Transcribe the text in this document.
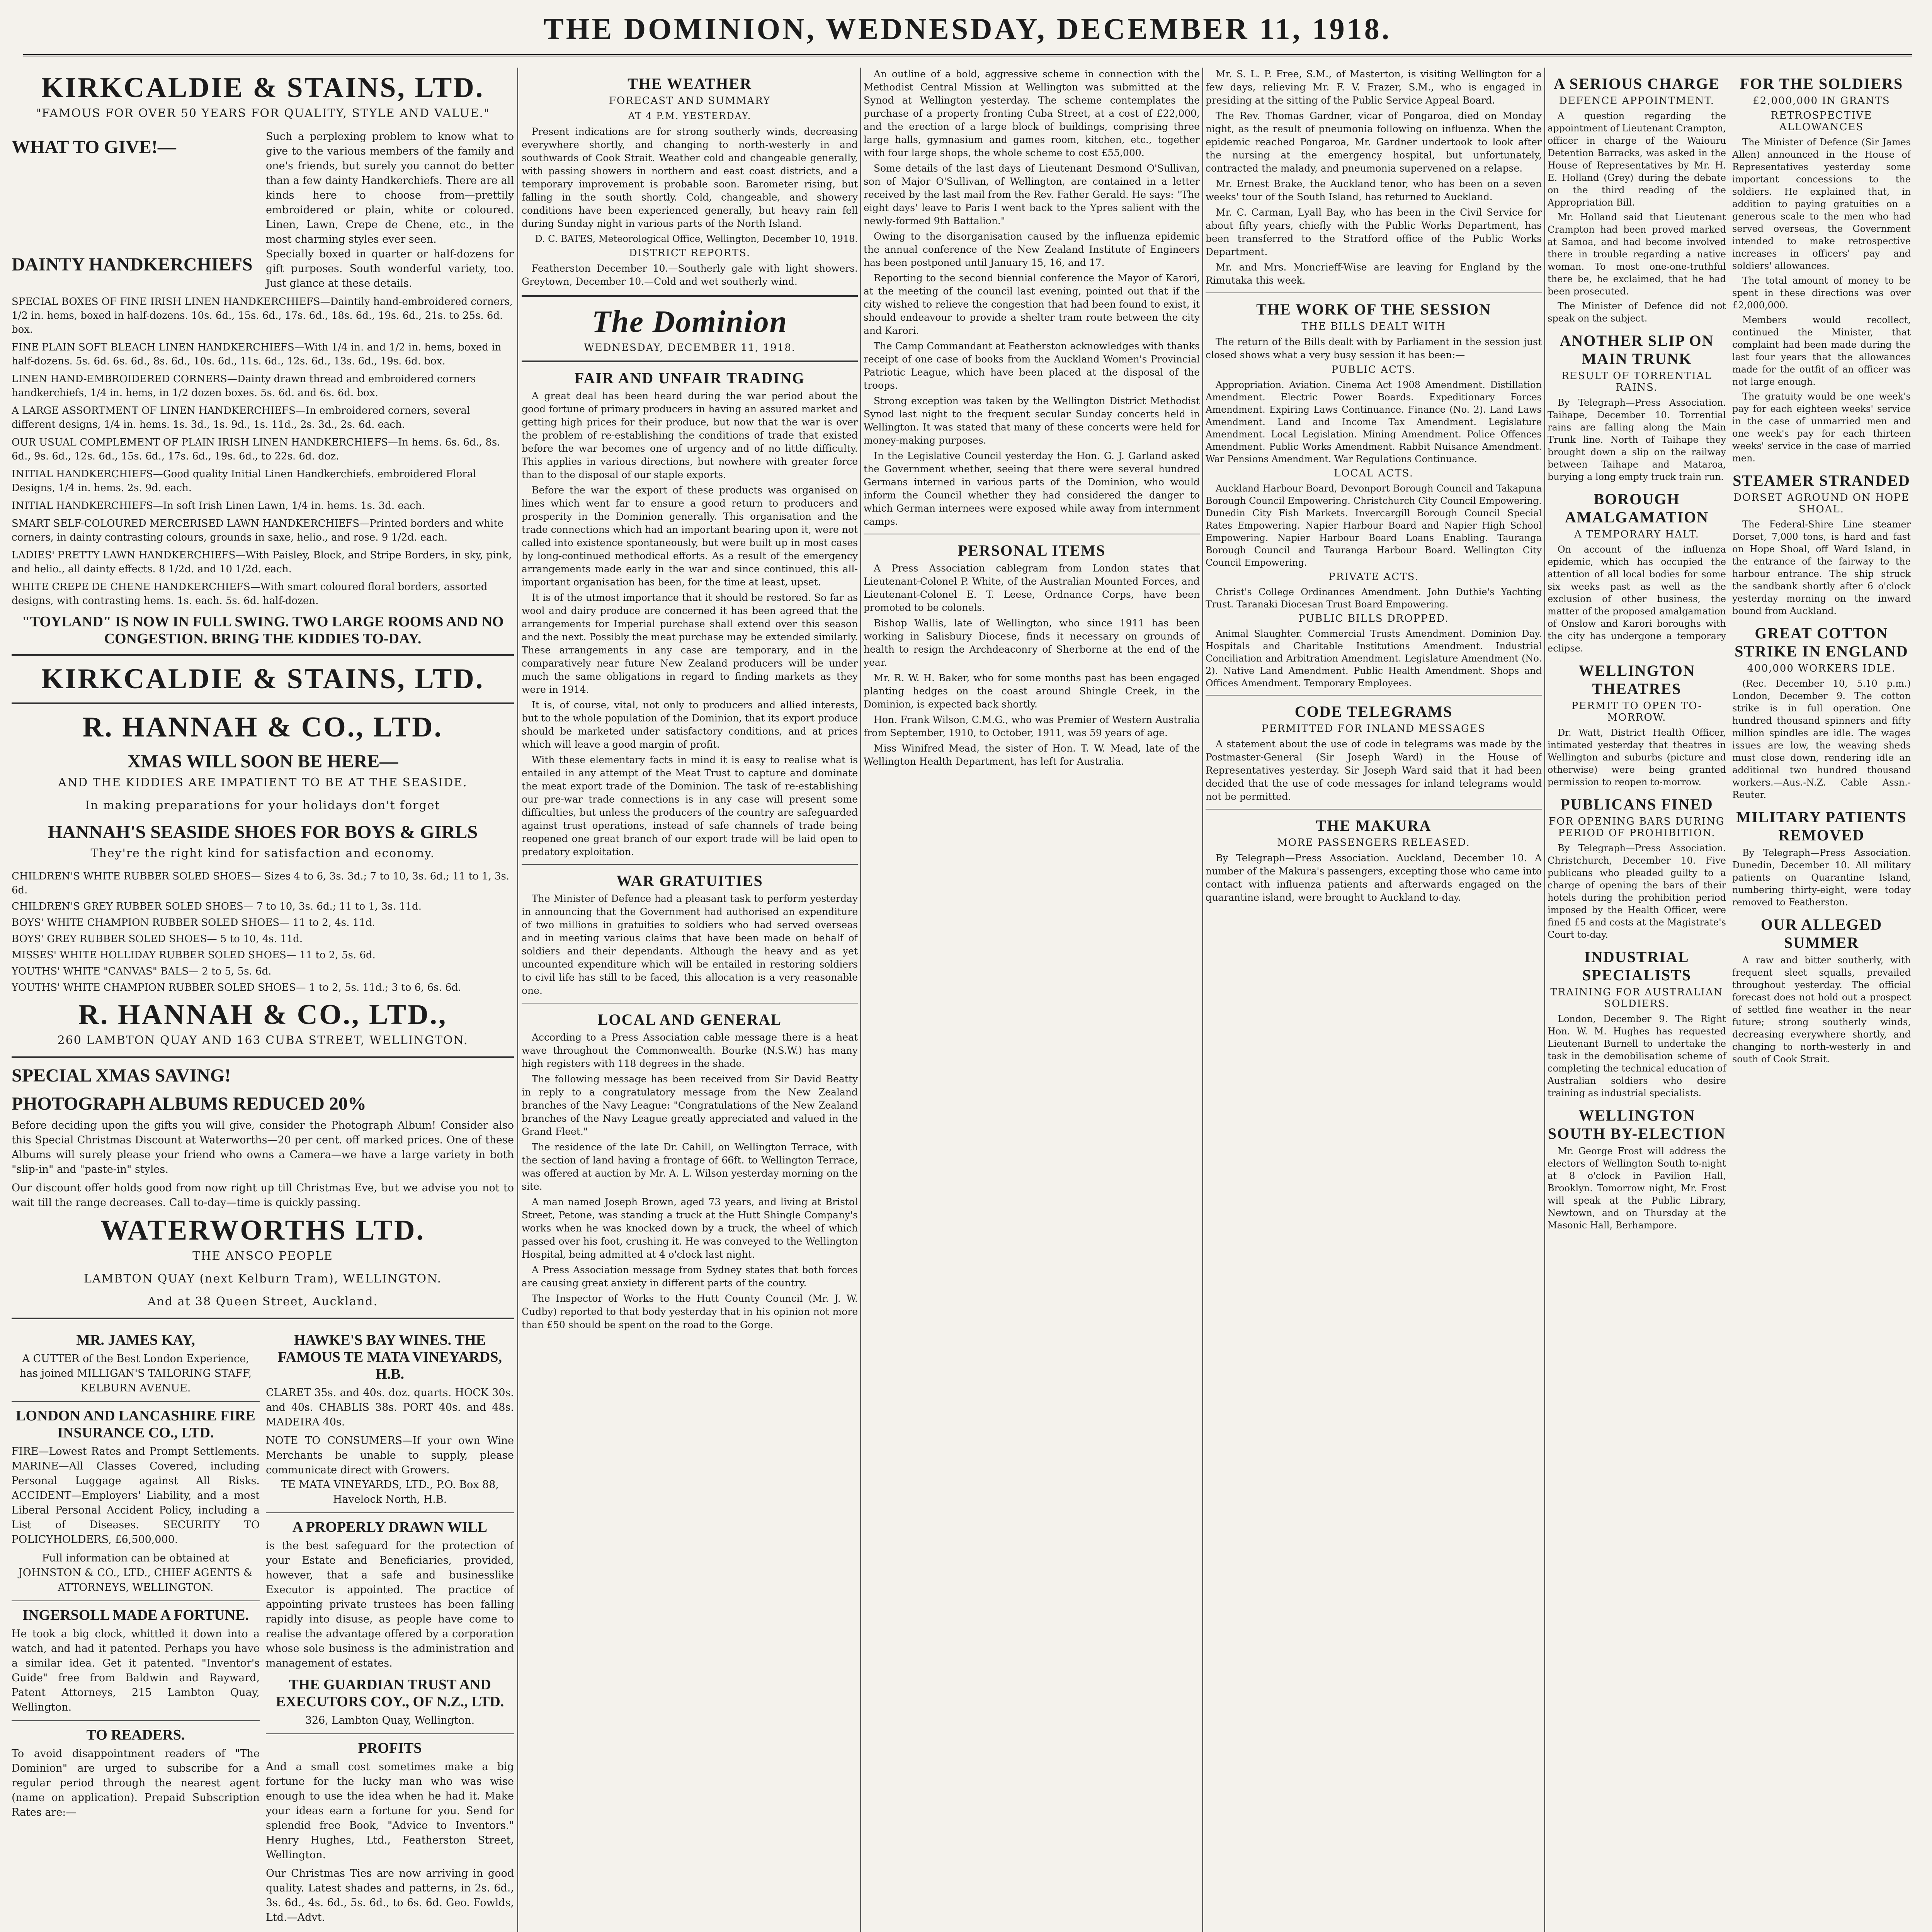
THE DOMINION, WEDNESDAY, DECEMBER 11, 1918.
KIRKCALDIE & STAINS, LTD.
"FAMOUS FOR OVER 50 YEARS FOR QUALITY, STYLE AND VALUE."
WHAT TO GIVE!—
Such a perplexing problem to know what to give to the various members of the family and one's friends, but surely you cannot do better than a few dainty Handkerchiefs. There are all kinds here to choose from—prettily embroidered or plain, white or coloured. Linen, Lawn, Crepe de Chene, etc., in the most charming styles ever seen.
DAINTY HANDKERCHIEFS
Specially boxed in quarter or half-dozens for gift purposes. South wonderful variety, too. Just glance at these details.
SPECIAL BOXES OF FINE IRISH LINEN HANDKERCHIEFS—Daintily hand-embroidered corners, 1/2 in. hems, boxed in half-dozens. 10s. 6d., 15s. 6d., 17s. 6d., 18s. 6d., 19s. 6d., 21s. to 25s. 6d. box.
FINE PLAIN SOFT BLEACH LINEN HANDKERCHIEFS—With 1/4 in. and 1/2 in. hems, boxed in half-dozens. 5s. 6d. 6s. 6d., 8s. 6d., 10s. 6d., 11s. 6d., 12s. 6d., 13s. 6d., 19s. 6d. box.
LINEN HAND-EMBROIDERED CORNERS—Dainty drawn thread and embroidered corners handkerchiefs, 1/4 in. hems, in 1/2 dozen boxes. 5s. 6d. and 6s. 6d. box.
A LARGE ASSORTMENT OF LINEN HANDKERCHIEFS—In embroidered corners, several different designs, 1/4 in. hems. 1s. 3d., 1s. 9d., 1s. 11d., 2s. 3d., 2s. 6d. each.
OUR USUAL COMPLEMENT OF PLAIN IRISH LINEN HANDKERCHIEFS—In hems. 6s. 6d., 8s. 6d., 9s. 6d., 12s. 6d., 15s. 6d., 17s. 6d., 19s. 6d., to 22s. 6d. doz.
INITIAL HANDKERCHIEFS—Good quality Initial Linen Handkerchiefs. embroidered Floral Designs, 1/4 in. hems. 2s. 9d. each.
INITIAL HANDKERCHIEFS—In soft Irish Linen Lawn, 1/4 in. hems. 1s. 3d. each.
SMART SELF-COLOURED MERCERISED LAWN HANDKERCHIEFS—Printed borders and white corners, in dainty contrasting colours, grounds in saxe, helio., and rose. 9 1/2d. each.
LADIES' PRETTY LAWN HANDKERCHIEFS—With Paisley, Block, and Stripe Borders, in sky, pink, and helio., all dainty effects. 8 1/2d. and 10 1/2d. each.
WHITE CREPE DE CHENE HANDKERCHIEFS—With smart coloured floral borders, assorted designs, with contrasting hems. 1s. each. 5s. 6d. half-dozen.
"TOYLAND" IS NOW IN FULL SWING. TWO LARGE ROOMS AND NO CONGESTION. BRING THE KIDDIES TO-DAY.
KIRKCALDIE & STAINS, LTD.
R. HANNAH & CO., LTD.
XMAS WILL SOON BE HERE—
AND THE KIDDIES ARE IMPATIENT TO BE AT THE SEASIDE.
In making preparations for your holidays don't forget
HANNAH'S SEASIDE SHOES FOR BOYS & GIRLS
They're the right kind for satisfaction and economy.
CHILDREN'S WHITE RUBBER SOLED SHOES— Sizes 4 to 6, 3s. 3d.; 7 to 10, 3s. 6d.; 11 to 1, 3s. 6d.
CHILDREN'S GREY RUBBER SOLED SHOES— 7 to 10, 3s. 6d.; 11 to 1, 3s. 11d.
BOYS' WHITE CHAMPION RUBBER SOLED SHOES— 11 to 2, 4s. 11d.
BOYS' GREY RUBBER SOLED SHOES— 5 to 10, 4s. 11d.
MISSES' WHITE HOLLIDAY RUBBER SOLED SHOES— 11 to 2, 5s. 6d.
YOUTHS' WHITE "CANVAS" BALS— 2 to 5, 5s. 6d.
YOUTHS' WHITE CHAMPION RUBBER SOLED SHOES— 1 to 2, 5s. 11d.; 3 to 6, 6s. 6d.
R. HANNAH & CO., LTD.,
260 LAMBTON QUAY AND 163 CUBA STREET, WELLINGTON.
SPECIAL XMAS SAVING!
PHOTOGRAPH ALBUMS REDUCED 20%
Before deciding upon the gifts you will give, consider the Photograph Album! Consider also this Special Christmas Discount at Waterworths—20 per cent. off marked prices. One of these Albums will surely please your friend who owns a Camera—we have a large variety in both "slip-in" and "paste-in" styles.
Our discount offer holds good from now right up till Christmas Eve, but we advise you not to wait till the range decreases. Call to-day—time is quickly passing.
WATERWORTHS LTD.
THE ANSCO PEOPLE
LAMBTON QUAY (next Kelburn Tram), WELLINGTON.
And at 38 Queen Street, Auckland.
MR. JAMES KAY,
A CUTTER of the Best London Experience, has joined MILLIGAN'S TAILORING STAFF, KELBURN AVENUE.
LONDON AND LANCASHIRE FIRE INSURANCE CO., LTD.
FIRE—Lowest Rates and Prompt Settlements. MARINE—All Classes Covered, including Personal Luggage against All Risks. ACCIDENT—Employers' Liability, and a most Liberal Personal Accident Policy, including a List of Diseases. SECURITY TO POLICYHOLDERS, £6,500,000.
Full information can be obtained at JOHNSTON & CO., LTD., CHIEF AGENTS & ATTORNEYS, WELLINGTON.
INGERSOLL MADE A FORTUNE.
He took a big clock, whittled it down into a watch, and had it patented. Perhaps you have a similar idea. Get it patented. "Inventor's Guide" free from Baldwin and Rayward, Patent Attorneys, 215 Lambton Quay, Wellington.
TO READERS.
To avoid disappointment readers of "The Dominion" are urged to subscribe for a regular period through the nearest agent (name on application). Prepaid Subscription Rates are:—
HAWKE'S BAY WINES. THE FAMOUS TE MATA VINEYARDS, H.B.
CLARET 35s. and 40s. doz. quarts. HOCK 30s. and 40s. CHABLIS 38s. PORT 40s. and 48s. MADEIRA 40s.
NOTE TO CONSUMERS—If your own Wine Merchants be unable to supply, please communicate direct with Growers.
TE MATA VINEYARDS, LTD., P.O. Box 88, Havelock North, H.B.
A PROPERLY DRAWN WILL
is the best safeguard for the protection of your Estate and Beneficiaries, provided, however, that a safe and businesslike Executor is appointed. The practice of appointing private trustees has been falling rapidly into disuse, as people have come to realise the advantage offered by a corporation whose sole business is the administration and management of estates.
THE GUARDIAN TRUST AND EXECUTORS COY., OF N.Z., LTD.
326, Lambton Quay, Wellington.
PROFITS
And a small cost sometimes make a big fortune for the lucky man who was wise enough to use the idea when he had it. Make your ideas earn a fortune for you. Send for splendid free Book, "Advice to Inventors." Henry Hughes, Ltd., Featherston Street, Wellington.
Our Christmas Ties are now arriving in good quality. Latest shades and patterns, in 2s. 6d., 3s. 6d., 4s. 6d., 5s. 6d., to 6s. 6d. Geo. Fowlds, Ltd.—Advt.
THE WEATHER
FORECAST AND SUMMARY
AT 4 P.M. YESTERDAY.

Present indications are for strong southerly winds, decreasing everywhere shortly, and changing to north-westerly in and southwards of Cook Strait. Weather cold and changeable generally, with passing showers in northern and east coast districts, and a temporary improvement is probable soon. Barometer rising, but falling in the south shortly. Cold, changeable, and showery conditions have been experienced generally, but heavy rain fell during Sunday night in various parts of the North Island.

D. C. BATES, Meteorological Office, Wellington, December 10, 1918.

DISTRICT REPORTS.

Featherston December 10.—Southerly gale with light showers. Greytown, December 10.—Cold and wet southerly wind.

The Dominion
WEDNESDAY, DECEMBER 11, 1918.
FAIR AND UNFAIR TRADING

A great deal has been heard during the war period about the good fortune of primary producers in having an assured market and getting high prices for their produce, but now that the war is over the problem of re-establishing the conditions of trade that existed before the war becomes one of urgency and of no little difficulty. This applies in various directions, but nowhere with greater force than to the disposal of our staple exports.

Before the war the export of these products was organised on lines which went far to ensure a good return to producers and prosperity in the Dominion generally. This organisation and the trade connections which had an important bearing upon it, were not called into existence spontaneously, but were built up in most cases by long-continued methodical efforts. As a result of the emergency arrangements made early in the war and since continued, this all-important organisation has been, for the time at least, upset.

It is of the utmost importance that it should be restored. So far as wool and dairy produce are concerned it has been agreed that the arrangements for Imperial purchase shall extend over this season and the next. Possibly the meat purchase may be extended similarly. These arrangements in any case are temporary, and in the comparatively near future New Zealand producers will be under much the same obligations in regard to finding markets as they were in 1914.

It is, of course, vital, not only to producers and allied interests, but to the whole population of the Dominion, that its export produce should be marketed under satisfactory conditions, and at prices which will leave a good margin of profit.

With these elementary facts in mind it is easy to realise what is entailed in any attempt of the Meat Trust to capture and dominate the meat export trade of the Dominion. The task of re-establishing our pre-war trade connections is in any case will present some difficulties, but unless the producers of the country are safeguarded against trust operations, instead of safe channels of trade being reopened one great branch of our export trade will be laid open to predatory exploitation.

WAR GRATUITIES

The Minister of Defence had a pleasant task to perform yesterday in announcing that the Government had authorised an expenditure of two millions in gratuities to soldiers who had served overseas and in meeting various claims that have been made on behalf of soldiers and their dependants. Although the heavy and as yet uncounted expenditure which will be entailed in restoring soldiers to civil life has still to be faced, this allocation is a very reasonable one.

LOCAL AND GENERAL

According to a Press Association cable message there is a heat wave throughout the Commonwealth. Bourke (N.S.W.) has many high registers with 118 degrees in the shade.

The following message has been received from Sir David Beatty in reply to a congratulatory message from the New Zealand branches of the Navy League: "Congratulations of the New Zealand branches of the Navy League greatly appreciated and valued in the Grand Fleet."

The residence of the late Dr. Cahill, on Wellington Terrace, with the section of land having a frontage of 66ft. to Wellington Terrace, was offered at auction by Mr. A. L. Wilson yesterday morning on the site.

A man named Joseph Brown, aged 73 years, and living at Bristol Street, Petone, was standing a truck at the Hutt Shingle Company's works when he was knocked down by a truck, the wheel of which passed over his foot, crushing it. He was conveyed to the Wellington Hospital, being admitted at 4 o'clock last night.

A Press Association message from Sydney states that both forces are causing great anxiety in different parts of the country.

The Inspector of Works to the Hutt County Council (Mr. J. W. Cudby) reported to that body yesterday that in his opinion not more than £50 should be spent on the road to the Gorge.

An outline of a bold, aggressive scheme in connection with the Methodist Central Mission at Wellington was submitted at the Synod at Wellington yesterday. The scheme contemplates the purchase of a property fronting Cuba Street, at a cost of £22,000, and the erection of a large block of buildings, comprising three large halls, gymnasium and games room, kitchen, etc., together with four large shops, the whole scheme to cost £55,000.

Some details of the last days of Lieutenant Desmond O'Sullivan, son of Major O'Sullivan, of Wellington, are contained in a letter received by the last mail from the Rev. Father Gerald. He says: "The eight days' leave to Paris I went back to the Ypres salient with the newly-formed 9th Battalion."

Owing to the disorganisation caused by the influenza epidemic the annual conference of the New Zealand Institute of Engineers has been postponed until January 15, 16, and 17.

Reporting to the second biennial conference the Mayor of Karori, at the meeting of the council last evening, pointed out that if the city wished to relieve the congestion that had been found to exist, it should endeavour to provide a shelter tram route between the city and Karori.

The Camp Commandant at Featherston acknowledges with thanks receipt of one case of books from the Auckland Women's Provincial Patriotic League, which have been placed at the disposal of the troops.

Strong exception was taken by the Wellington District Methodist Synod last night to the frequent secular Sunday concerts held in Wellington. It was stated that many of these concerts were held for money-making purposes.

In the Legislative Council yesterday the Hon. G. J. Garland asked the Government whether, seeing that there were several hundred Germans interned in various parts of the Dominion, who would inform the Council whether they had considered the danger to which German internees were exposed while away from internment camps.

PERSONAL ITEMS

A Press Association cablegram from London states that Lieutenant-Colonel P. White, of the Australian Mounted Forces, and Lieutenant-Colonel E. T. Leese, Ordnance Corps, have been promoted to be colonels.

Bishop Wallis, late of Wellington, who since 1911 has been working in Salisbury Diocese, finds it necessary on grounds of health to resign the Archdeaconry of Sherborne at the end of the year.

Mr. R. W. H. Baker, who for some months past has been engaged planting hedges on the coast around Shingle Creek, in the Dominion, is expected back shortly.

Hon. Frank Wilson, C.M.G., who was Premier of Western Australia from September, 1910, to October, 1911, was 59 years of age.

Miss Winifred Mead, the sister of Hon. T. W. Mead, late of the Wellington Health Department, has left for Australia.

Mr. S. L. P. Free, S.M., of Masterton, is visiting Wellington for a few days, relieving Mr. F. V. Frazer, S.M., who is engaged in presiding at the sitting of the Public Service Appeal Board.

The Rev. Thomas Gardner, vicar of Pongaroa, died on Monday night, as the result of pneumonia following on influenza. When the epidemic reached Pongaroa, Mr. Gardner undertook to look after the nursing at the emergency hospital, but unfortunately, contracted the malady, and pneumonia supervened on a relapse.

Mr. Ernest Brake, the Auckland tenor, who has been on a seven weeks' tour of the South Island, has returned to Auckland.

Mr. C. Carman, Lyall Bay, who has been in the Civil Service for about fifty years, chiefly with the Public Works Department, has been transferred to the Stratford office of the Public Works Department.

Mr. and Mrs. Moncrieff-Wise are leaving for England by the Rimutaka this week.

THE WORK OF THE SESSION
THE BILLS DEALT WITH

The return of the Bills dealt with by Parliament in the session just closed shows what a very busy session it has been:—

PUBLIC ACTS.

Appropriation. Aviation. Cinema Act 1908 Amendment. Distillation Amendment. Electric Power Boards. Expeditionary Forces Amendment. Expiring Laws Continuance. Finance (No. 2). Land Laws Amendment. Land and Income Tax Amendment. Legislature Amendment. Local Legislation. Mining Amendment. Police Offences Amendment. Public Works Amendment. Rabbit Nuisance Amendment. War Pensions Amendment. War Regulations Continuance.

LOCAL ACTS.

Auckland Harbour Board, Devonport Borough Council and Takapuna Borough Council Empowering. Christchurch City Council Empowering. Dunedin City Fish Markets. Invercargill Borough Council Special Rates Empowering. Napier Harbour Board and Napier High School Empowering. Napier Harbour Board Loans Enabling. Tauranga Borough Council and Tauranga Harbour Board. Wellington City Council Empowering.

PRIVATE ACTS.

Christ's College Ordinances Amendment. John Duthie's Yachting Trust. Taranaki Diocesan Trust Board Empowering.

PUBLIC BILLS DROPPED.

Animal Slaughter. Commercial Trusts Amendment. Dominion Day. Hospitals and Charitable Institutions Amendment. Industrial Conciliation and Arbitration Amendment. Legislature Amendment (No. 2). Native Land Amendment. Public Health Amendment. Shops and Offices Amendment. Temporary Employees.

CODE TELEGRAMS
PERMITTED FOR INLAND MESSAGES

A statement about the use of code in telegrams was made by the Postmaster-General (Sir Joseph Ward) in the House of Representatives yesterday. Sir Joseph Ward said that it had been decided that the use of code messages for inland telegrams would not be permitted.

THE MAKURA
MORE PASSENGERS RELEASED.

By Telegraph—Press Association. Auckland, December 10. A number of the Makura's passengers, excepting those who came into contact with influenza patients and afterwards engaged on the quarantine island, were brought to Auckland to-day.

A SERIOUS CHARGE
DEFENCE APPOINTMENT.

A question regarding the appointment of Lieutenant Crampton, officer in charge of the Waiouru Detention Barracks, was asked in the House of Representatives by Mr. H. E. Holland (Grey) during the debate on the third reading of the Appropriation Bill.

Mr. Holland said that Lieutenant Crampton had been proved marked at Samoa, and had become involved there in trouble regarding a native woman. To most one-one-truthful there be, he exclaimed, that he had been prosecuted.

The Minister of Defence did not speak on the subject.

ANOTHER SLIP ON MAIN TRUNK
RESULT OF TORRENTIAL RAINS.

By Telegraph—Press Association. Taihape, December 10. Torrential rains are falling along the Main Trunk line. North of Taihape they brought down a slip on the railway between Taihape and Mataroa, burying a long empty truck train run.

BOROUGH AMALGAMATION
A TEMPORARY HALT.

On account of the influenza epidemic, which has occupied the attention of all local bodies for some six weeks past as well as the exclusion of other business, the matter of the proposed amalgamation of Onslow and Karori boroughs with the city has undergone a temporary eclipse.

WELLINGTON THEATRES
PERMIT TO OPEN TO-MORROW.

Dr. Watt, District Health Officer, intimated yesterday that theatres in Wellington and suburbs (picture and otherwise) were being granted permission to reopen to-morrow.

PUBLICANS FINED
FOR OPENING BARS DURING PERIOD OF PROHIBITION.

By Telegraph—Press Association. Christchurch, December 10. Five publicans who pleaded guilty to a charge of opening the bars of their hotels during the prohibition period imposed by the Health Officer, were fined £5 and costs at the Magistrate's Court to-day.

INDUSTRIAL SPECIALISTS
TRAINING FOR AUSTRALIAN SOLDIERS.

London, December 9. The Right Hon. W. M. Hughes has requested Lieutenant Burnell to undertake the task in the demobilisation scheme of completing the technical education of Australian soldiers who desire training as industrial specialists.

WELLINGTON SOUTH BY-ELECTION

Mr. George Frost will address the electors of Wellington South to-night at 8 o'clock in Pavilion Hall, Brooklyn. Tomorrow night, Mr. Frost will speak at the Public Library, Newtown, and on Thursday at the Masonic Hall, Berhampore.

FOR THE SOLDIERS
£2,000,000 IN GRANTS
RETROSPECTIVE ALLOWANCES

The Minister of Defence (Sir James Allen) announced in the House of Representatives yesterday some important concessions to the soldiers. He explained that, in addition to paying gratuities on a generous scale to the men who had served overseas, the Government intended to make retrospective increases in officers' pay and soldiers' allowances.

The total amount of money to be spent in these directions was over £2,000,000.

Members would recollect, continued the Minister, that complaint had been made during the last four years that the allowances made for the outfit of an officer was not large enough.

The gratuity would be one week's pay for each eighteen weeks' service in the case of unmarried men and one week's pay for each thirteen weeks' service in the case of married men.

STEAMER STRANDED
DORSET AGROUND ON HOPE SHOAL.

The Federal-Shire Line steamer Dorset, 7,000 tons, is hard and fast on Hope Shoal, off Ward Island, in the entrance of the fairway to the harbour entrance. The ship struck the sandbank shortly after 6 o'clock yesterday morning on the inward bound from Auckland.

GREAT COTTON STRIKE IN ENGLAND
400,000 WORKERS IDLE.

(Rec. December 10, 5.10 p.m.) London, December 9. The cotton strike is in full operation. One hundred thousand spinners and fifty million spindles are idle. The wages issues are low, the weaving sheds must close down, rendering idle an additional two hundred thousand workers.—Aus.-N.Z. Cable Assn.-Reuter.

MILITARY PATIENTS REMOVED

By Telegraph—Press Association. Dunedin, December 10. All military patients on Quarantine Island, numbering thirty-eight, were today removed to Featherston.

OUR ALLEGED SUMMER

A raw and bitter southerly, with frequent sleet squalls, prevailed throughout yesterday. The official forecast does not hold out a prospect of settled fine weather in the near future; strong southerly winds, decreasing everywhere shortly, and changing to north-westerly in and south of Cook Strait.
